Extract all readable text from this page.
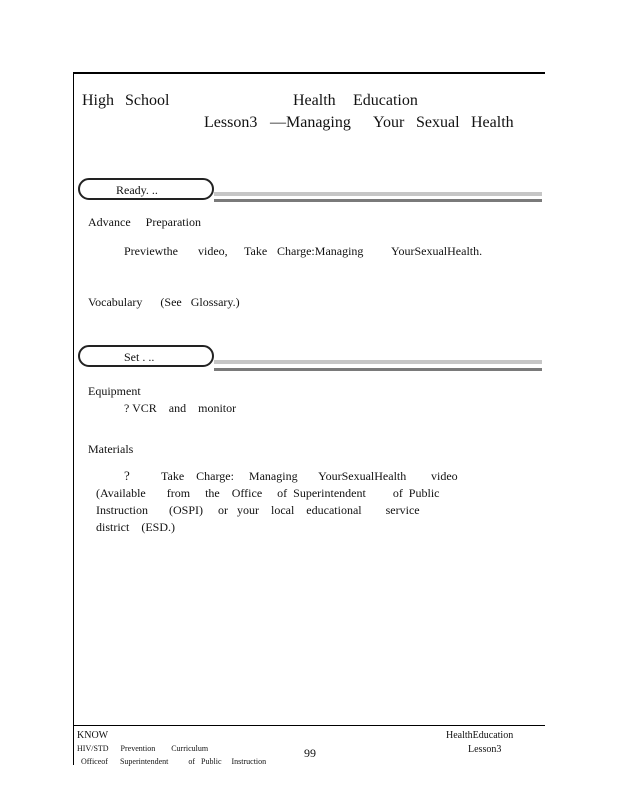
High School	Health Education
Lesson3 —Managing Your Sexual Health
Ready. ..
Advance     Preparation
Previewthe video, Take Charge:Managing YourSexualHealth.
Vocabulary      (See   Glossary.)
Set . ..
Equipment
? VCR    and    monitor
Materials
?	Take    Charge:     Managing       YourSexualHealth video
(Available       from     the    Office     of  Superintendent         of  Public
Instruction       (OSPI)     or   your    local    educational        service
district    (ESD.)
KNOW
HIV/STD      Prevention        Curriculum
Officeof      Superintendent          of   Public     Instruction
99
HealthEducation
Lesson3
